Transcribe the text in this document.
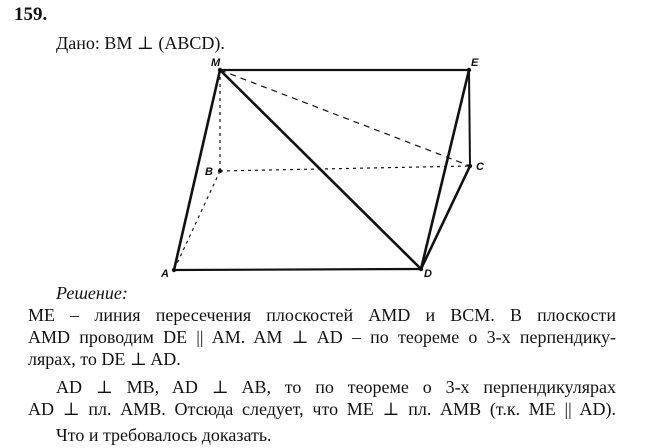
159.
Дано: BM ⊥ (ABCD).
M	E
B	C
A	D
Решение:
ME – линия пересечения плоскостей AMD и BCM. В плоскости
AMD проводим DE || AM. AM ⊥ AD – по теореме о 3-х перпендику-
лярах, то DE ⊥ AD.
AD ⊥ MB, AD ⊥ AB, то по теореме о 3-х перпендикулярах
AD ⊥ пл. AMB. Отсюда следует, что ME ⊥ пл. AMB (т.к. ME || AD).
Что и требовалось доказать.
